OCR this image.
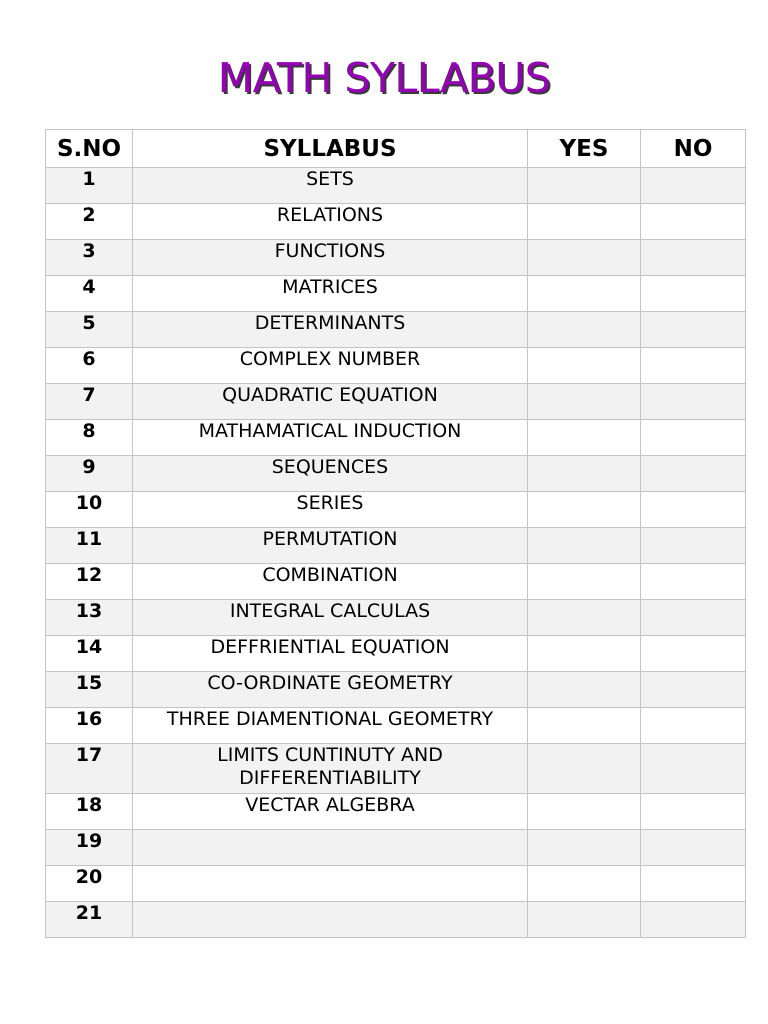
MATH SYLLABUS
S.NO	SYLLABUS	YES	NO
1	SETS		
2	RELATIONS		
3	FUNCTIONS		
4	MATRICES		
5	DETERMINANTS		
6	COMPLEX NUMBER		
7	QUADRATIC EQUATION		
8	MATHAMATICAL INDUCTION		
9	SEQUENCES		
10	SERIES		
11	PERMUTATION		
12	COMBINATION		
13	INTEGRAL CALCULAS		
14	DEFFRIENTIAL EQUATION		
15	CO-ORDINATE GEOMETRY		
16	THREE DIAMENTIONAL GEOMETRY		
17	LIMITS CUNTINUTY AND DIFFERENTIABILITY		
18	VECTAR ALGEBRA		
19			
20			
21			
